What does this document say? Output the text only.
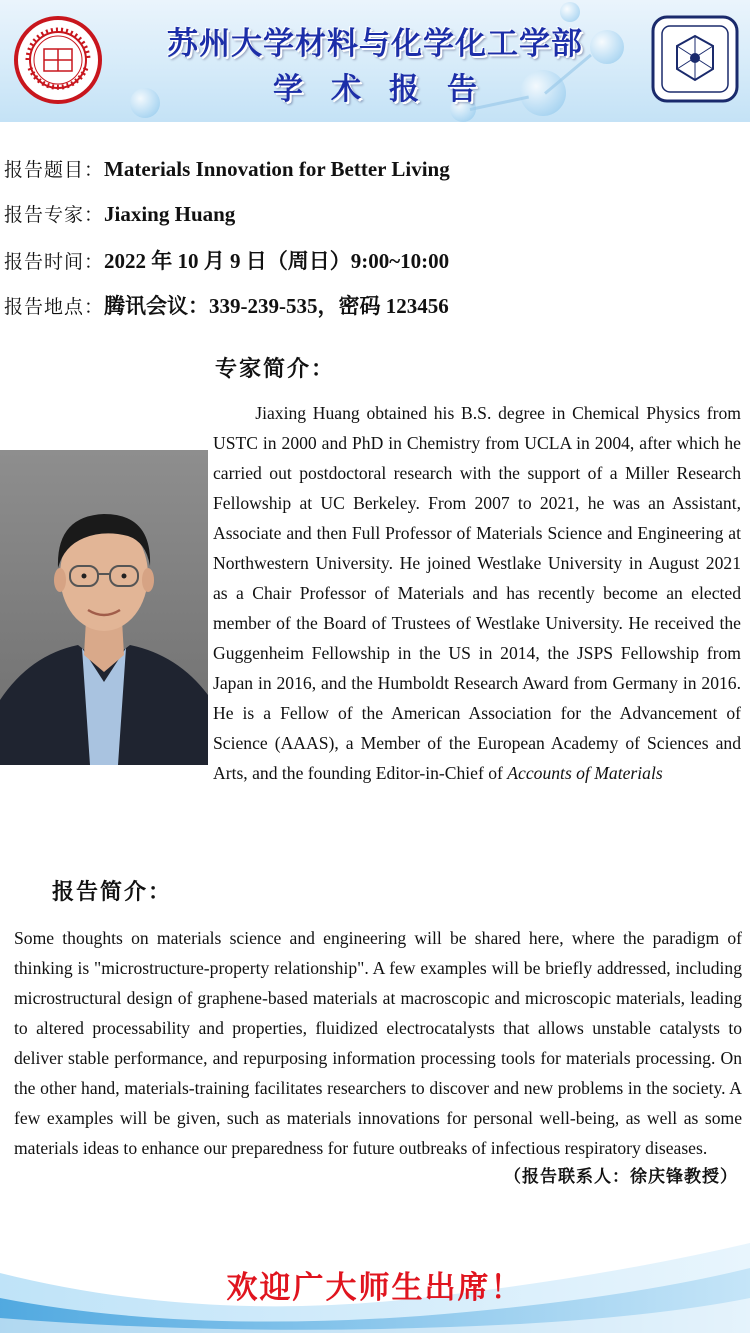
苏州大学材料与化学化工学部
学术报告
报告题目：Materials Innovation for Better Living
报告专家：Jiaxing Huang
报告时间：2022 年 10 月 9 日（周日）9:00~10:00
报告地点：腾讯会议：339-239-535，密码 123456
专家简介：

Jiaxing Huang obtained his B.S. degree in Chemical Physics from USTC in 2000 and PhD in Chemistry from UCLA in 2004, after which he carried out postdoctoral research with the support of a Miller Research Fellowship at UC Berkeley. From 2007 to 2021, he was an Assistant, Associate and then Full Professor of Materials Science and Engineering at Northwestern University. He joined Westlake University in August 2021 as a Chair Professor of Materials and has recently become an elected member of the Board of Trustees of Westlake University. He received the Guggenheim Fellowship in the US in 2014, the JSPS Fellowship from Japan in 2016, and the Humboldt Research Award from Germany in 2016. He is a Fellow of the American Association for the Advancement of Science (AAAS), a Member of the European Academy of Sciences and Arts, and the founding Editor-in-Chief of Accounts of Materials

报告简介：

Some thoughts on materials science and engineering will be shared here, where the paradigm of thinking is "microstructure-property relationship". A few examples will be briefly addressed, including microstructural design of graphene-based materials at macroscopic and microscopic materials, leading to altered processability and properties, fluidized electrocatalysts that allows unstable catalysts to deliver stable performance, and repurposing information processing tools for materials processing. On the other hand, materials-training facilitates researchers to discover and new problems in the society. A few examples will be given, such as materials innovations for personal well-being, as well as some materials ideas to enhance our preparedness for future outbreaks of infectious respiratory diseases.

（报告联系人：徐庆锋教授）
欢迎广大师生出席！
